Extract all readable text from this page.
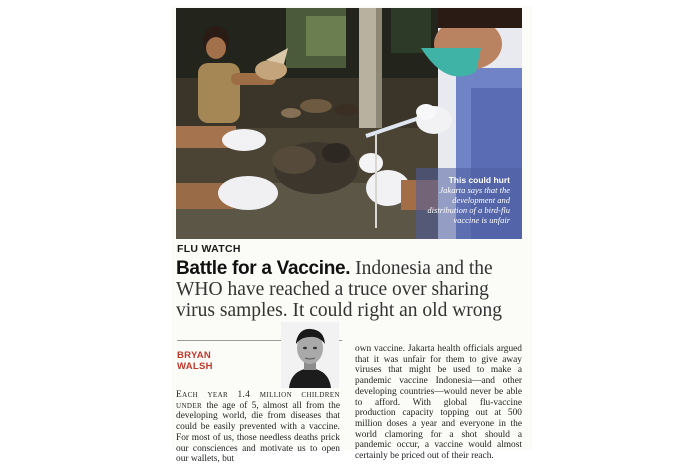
This could hurt
Jakarta says that the development and distribution of a bird-flu vaccine is unfair
FLU WATCH
Battle for a Vaccine. Indonesia and the WHO have reached a truce over sharing virus samples. It could right an old wrong
BRYAN
WALSH
Each year 1.4 million children under the age of 5, almost all from the developing world, die from diseases that could be easily prevented with a vaccine. For most of us, those needless deaths prick our consciences and motivate us to open our wallets, but
own vaccine. Jakarta health officials argued that it was unfair for them to give away viruses that might be used to make a pandemic vaccine Indonesia—and other developing countries—would never be able to afford. With global flu-vaccine production capacity topping out at 500 million doses a year and everyone in the world clamoring for a shot should a pandemic occur, a vaccine would almost certainly be priced out of their reach.
